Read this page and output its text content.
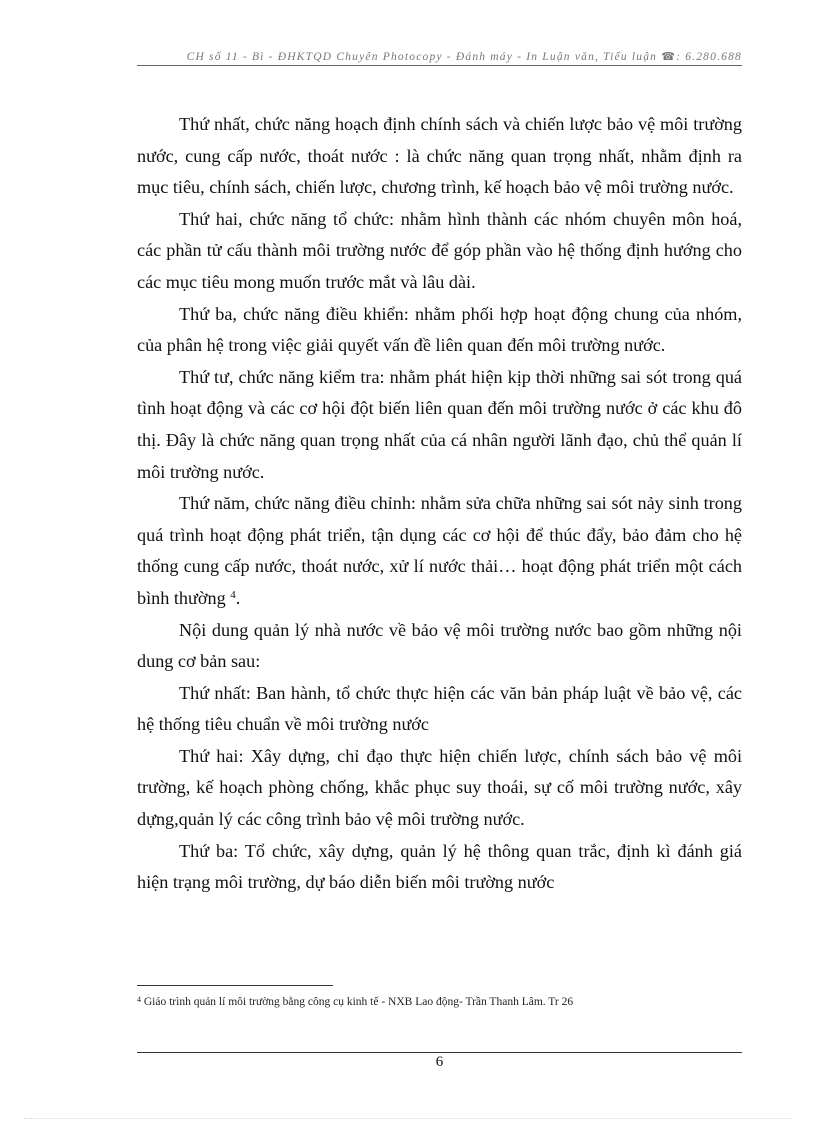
CH số 11 - Bì - ĐHKTQD Chuyên Photocopy - Đánh máy - In Luận văn, Tiểu luận ☎: 6.280.688

Thứ nhất, chức năng hoạch định chính sách và chiến lược bảo vệ môi trường nước, cung cấp nước, thoát nước : là chức năng quan trọng nhất, nhằm định ra mục tiêu, chính sách, chiến lược, chương trình, kế hoạch bảo vệ môi trường nước.

Thứ hai, chức năng tổ chức: nhằm hình thành các nhóm chuyên môn hoá, các phần tử cấu thành môi trường nước để góp phần vào hệ thống định hướng cho các mục tiêu mong muốn trước mắt và lâu dài.

Thứ ba, chức năng điều khiển: nhằm phối hợp hoạt động chung của nhóm, của phân hệ trong việc giải quyết vấn đề liên quan đến môi trường nước.

Thứ tư, chức năng kiểm tra: nhằm phát hiện kịp thời những sai sót trong quá tình hoạt động và các cơ hội đột biến liên quan đến môi trường nước ở các khu đô thị. Đây là chức năng quan trọng nhất của cá nhân người lãnh đạo, chủ thể quản lí môi trường nước.

Thứ năm, chức năng điều chỉnh: nhằm sửa chữa những sai sót nảy sinh trong quá trình hoạt động phát triển, tận dụng các cơ hội để thúc đẩy, bảo đảm cho hệ thống cung cấp nước, thoát nước, xử lí nước thải… hoạt động phát triển một cách bình thường $^4$.

Nội dung quản lý nhà nước về bảo vệ môi trường nước bao gồm những nội dung cơ bản sau:

Thứ nhất: Ban hành, tổ chức thực hiện các văn bản pháp luật về bảo vệ, các hệ thống tiêu chuẩn về môi trường nước

Thứ hai: Xây dựng, chỉ đạo thực hiện chiến lược, chính sách bảo vệ môi trường, kế hoạch phòng chống, khắc phục suy thoái, sự cố môi trường nước, xây dựng,quản lý các công trình bảo vệ môi trường nước.

Thứ ba: Tổ chức, xây dựng, quản lý hệ thông quan trắc, định kì đánh giá hiện trạng môi trường, dự báo diễn biến môi trường nước

$^4$ Giáo trình quản lí môi trường bằng công cụ kinh tế - NXB Lao động- Trần Thanh Lâm. Tr 26
6
